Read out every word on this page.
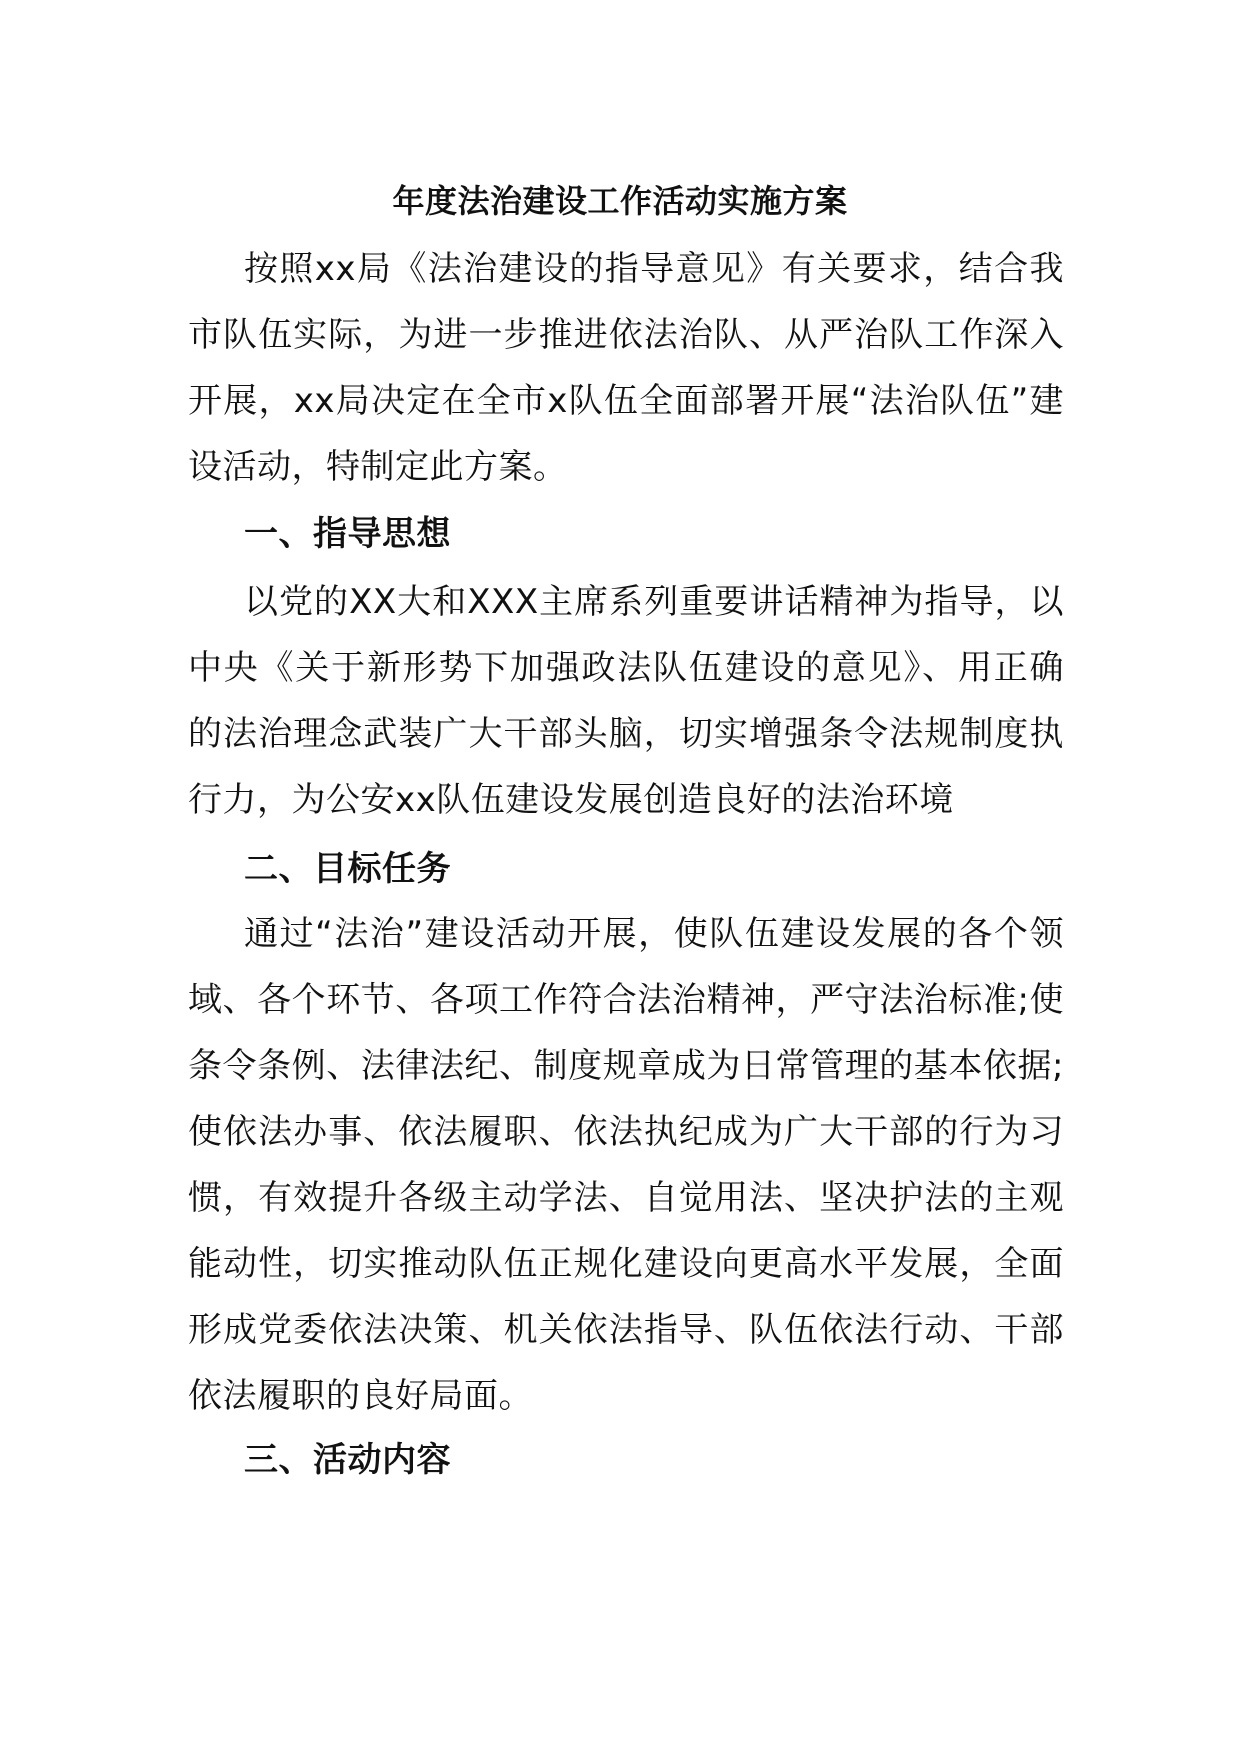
年度法治建设工作活动实施方案

按照xx局《法治建设的指导意见》有关要求，结合我市队伍实际，为进一步推进依法治队、从严治队工作深入开展，xx局决定在全市x队伍全面部署开展“法治队伍”建设活动，特制定此方案。

一、指导思想

以党的XX大和XXX主席系列重要讲话精神为指导，以中央《关于新形势下加强政法队伍建设的意见》、用正确的法治理念武装广大干部头脑，切实增强条令法规制度执行力，为公安xx队伍建设发展创造良好的法治环境

二、目标任务

通过“法治”建设活动开展，使队伍建设发展的各个领域、各个环节、各项工作符合法治精神，严守法治标准;使条令条例、法律法纪、制度规章成为日常管理的基本依据;使依法办事、依法履职、依法执纪成为广大干部的行为习惯，有效提升各级主动学法、自觉用法、坚决护法的主观能动性，切实推动队伍正规化建设向更高水平发展，全面形成党委依法决策、机关依法指导、队伍依法行动、干部依法履职的良好局面。

三、活动内容
